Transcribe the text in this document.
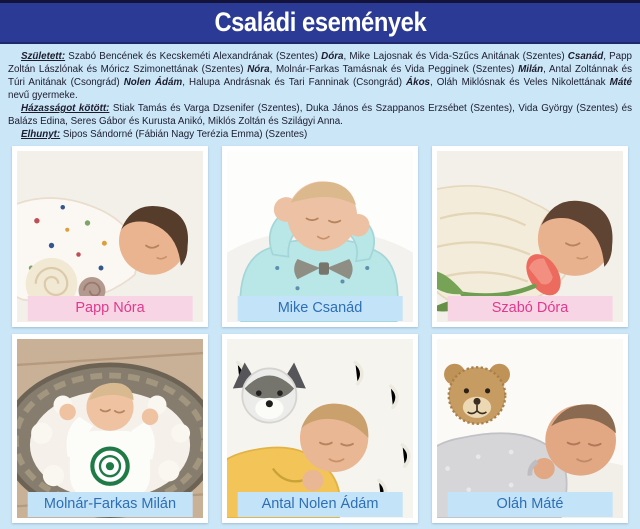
Családi események

Született: Szabó Bencének és Kecskeméti Alexandrának (Szentes) Dóra, Mike Lajosnak és Vida-Szűcs Anitának (Szentes) Csanád, Papp Zoltán Lászlónak és Móricz Szimonettának (Szentes) Nóra, Molnár-Farkas Tamásnak és Vida Pegginek (Szentes) Milán, Antal Zoltánnak és Túri Anitának (Csongrád) Nolen Ádám, Halupa Andrásnak és Tari Fanninak (Csongrád) Ákos, Oláh Miklósnak és Veles Nikolettának Máté nevű gyermeke.

Házasságot kötött: Stiak Tamás és Varga Dzsenifer (Szentes), Duka János és Szappanos Erzsébet (Szentes), Vida György (Szentes) és Balázs Edina, Seres Gábor és Kurusta Anikó, Miklós Zoltán és Szilágyi Anna.

Elhunyt: Sipos Sándorné (Fábián Nagy Terézia Emma) (Szentes)

Papp Nóra	Mike Csanád	Szabó Dóra
Molnár-Farkas Milán	Antal Nolen Ádám	Oláh Máté
